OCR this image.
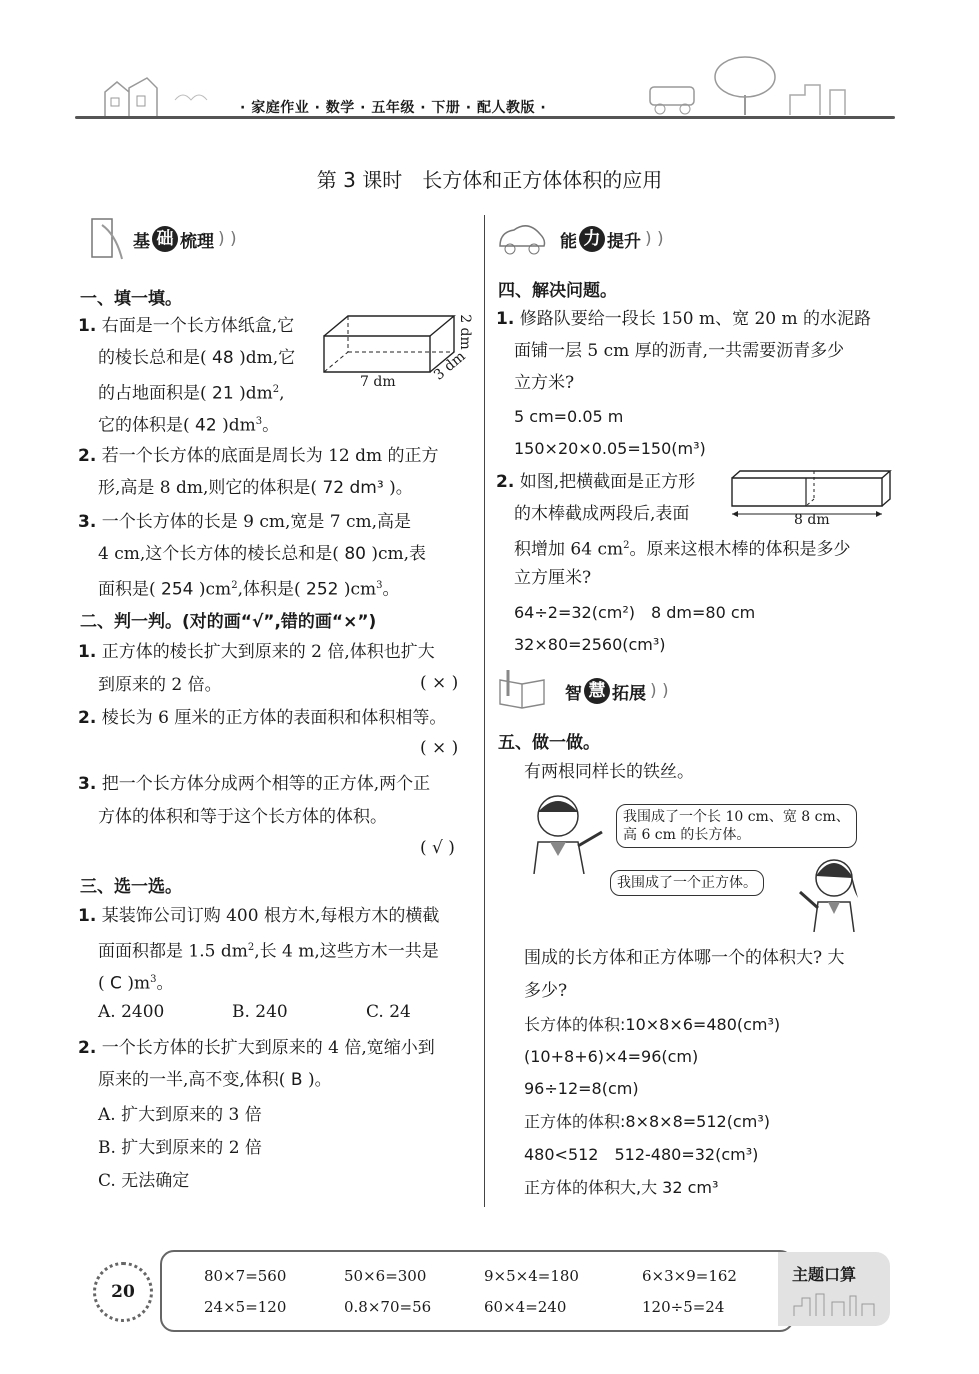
· 家庭作业 · 数学 · 五年级 · 下册 · 配人教版 ·
第 3 课时　长方体和正方体体积的应用
基 础 梳理 ) )
一、填一填。
1. 右面是一个长方体纸盒,它
的棱长总和是( 48 )dm,它
的占地面积是( 21 )$dm^2$,
它的体积是( 42 )$dm^3$。
7 dm	3 dm
2 dm
2. 若一个长方体的底面是周长为 12 dm 的正方
形,高是 8 dm,则它的体积是( 72 dm³ )。
3. 一个长方体的长是 9 cm,宽是 7 cm,高是
4 cm,这个长方体的棱长总和是( 80 )cm,表
面积是( 254 )$cm^2$,体积是( 252 )$cm^3$。
二、判一判。(对的画“√”,错的画“×”)
1. 正方体的棱长扩大到原来的 2 倍,体积也扩大
到原来的 2 倍。	( × )
2. 棱长为 6 厘米的正方体的表面积和体积相等。
( × )
3. 把一个长方体分成两个相等的正方体,两个正
方体的体积和等于这个长方体的体积。
( √ )
三、选一选。
1. 某装饰公司订购 400 根方木,每根方木的横截
面面积都是 1.5 $dm^2$,长 4 m,这些方木一共是
( C )$m^3$。
A. 2400	B. 240	C. 24
2. 一个长方体的长扩大到原来的 4 倍,宽缩小到
原来的一半,高不变,体积( B )。
A. 扩大到原来的 3 倍
B. 扩大到原来的 2 倍
C. 无法确定
能 力 提升 ) )
四、解决问题。
1. 修路队要给一段长 150 m、宽 20 m 的水泥路
面铺一层 5 cm 厚的沥青,一共需要沥青多少
立方米?
5 cm=0.05 m
150×20×0.05=150(m³)
2. 如图,把横截面是正方形
的木棒截成两段后,表面
积增加 64 $cm^2$。原来这根木棒的体积是多少
立方厘米?
8 dm
64÷2=32(cm²)　8 dm=80 cm
32×80=2560(cm³)
智 慧 拓展 ) )
五、做一做。
有两根同样长的铁丝。
我围成了一个长 10 cm、宽 8 cm、
高 6 cm 的长方体。
我围成了一个正方体。
围成的长方体和正方体哪一个的体积大? 大
多少?
长方体的体积:10×8×6=480(cm³)
(10+8+6)×4=96(cm)
96÷12=8(cm)
正方体的体积:8×8×8=512(cm³)
480<512　512-480=32(cm³)
正方体的体积大,大 32 cm³
20
主题口算
80×7=560	50×6=300	9×5×4=180	6×3×9=162
24×5=120	0.8×70=56	60×4=240	120÷5=24
